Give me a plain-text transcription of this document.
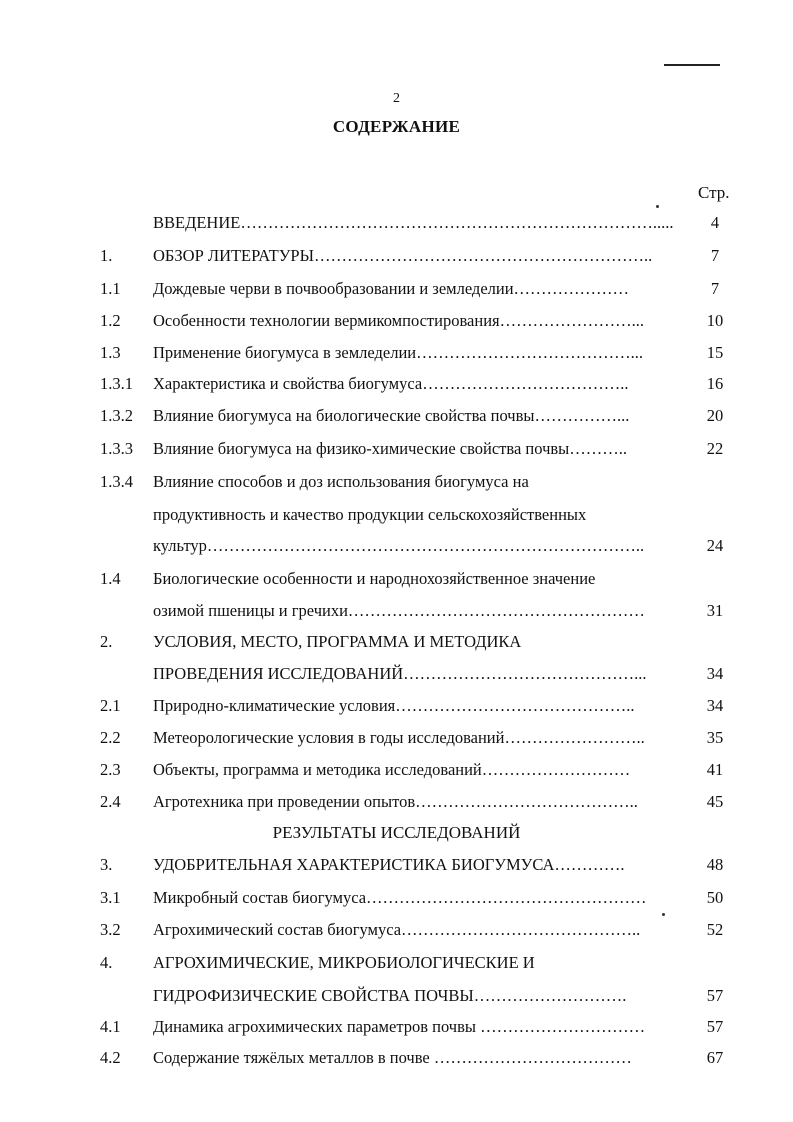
2
СОДЕРЖАНИЕ
Стр.
ВВЕДЕНИЕ………………………………………………………………….....	4
1. ОБЗОР ЛИТЕРАТУРЫ……………………………………………………..	7
1.1 Дождевые черви в почвообразовании и земледелии…………………	7
1.2 Особенности технологии вермикомпостирования……………………...	10
1.3 Применение биогумуса в земледелии…………………………………...	15
1.3.1 Характеристика и свойства биогумуса………………………………..	16
1.3.2 Влияние биогумуса на биологические свойства почвы……………...	20
1.3.3 Влияние биогумуса на физико-химические свойства почвы………..	22
1.3.4 Влияние способов и доз использования биогумуса на
продуктивность и качество продукции сельскохозяйственных
культур……………………………………………………………………..	24
1.4 Биологические особенности и народнохозяйственное значение
озимой пшеницы и гречихи………………………………………………	31
2. УСЛОВИЯ, МЕСТО, ПРОГРАММА И МЕТОДИКА
ПРОВЕДЕНИЯ ИССЛЕДОВАНИЙ……………………………………...	34
2.1 Природно-климатические условия……………………………………..	34
2.2 Метеорологические условия в годы исследований……………………..	35
2.3 Объекты, программа и методика исследований………………………	41
2.4 Агротехника при проведении опытов…………………………………..	45
РЕЗУЛЬТАТЫ ИССЛЕДОВАНИЙ
3. УДОБРИТЕЛЬНАЯ ХАРАКТЕРИСТИКА БИОГУМУСА………….	48
3.1 Микробный состав биогумуса……………………………………………	50
3.2 Агрохимический состав биогумуса……………………………………..	52
4. АГРОХИМИЧЕСКИЕ, МИКРОБИОЛОГИЧЕСКИЕ И
ГИДРОФИЗИЧЕСКИЕ СВОЙСТВА ПОЧВЫ……………………….	57
4.1 Динамика агрохимических параметров почвы …………………………	57
4.2 Содержание тяжёлых металлов в почве ………………………………	67
